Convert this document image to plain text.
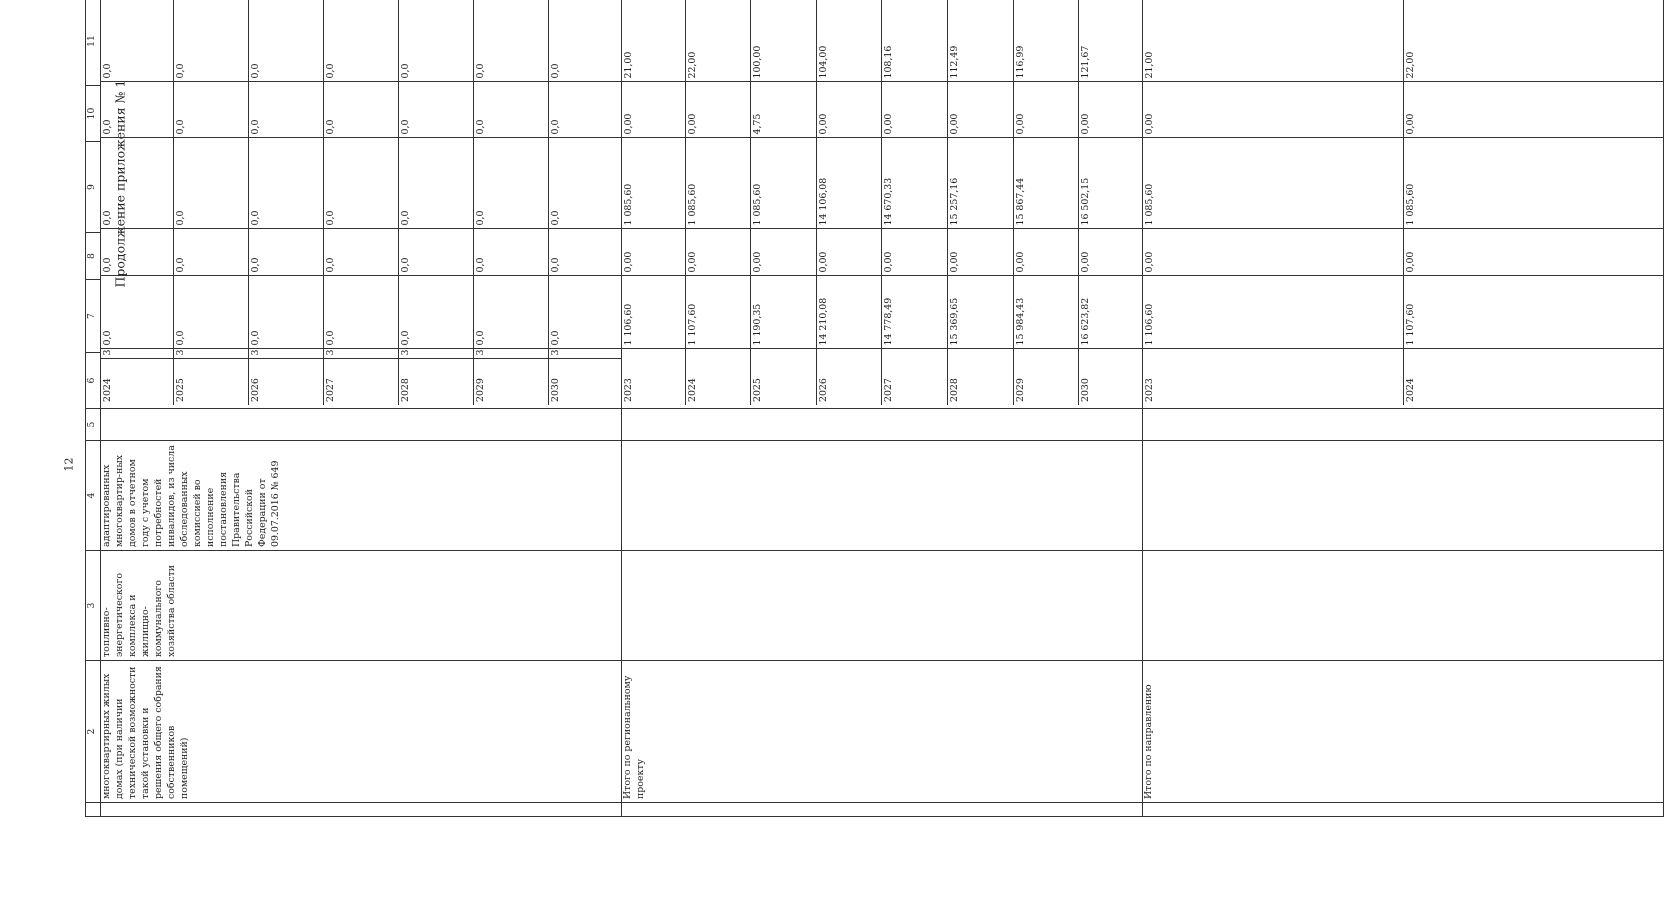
12
Продолжение приложения № 1
	2	3	4	5	6	7	8	9	10	11
	многоквартирных жилых домах (при наличии технической возможности такой установки и решения общего собрания собственников помещений)	топливно-энергетического комплекса и жилищно-коммунального хозяйства области	адаптированных многоквартир-ных домов в отчетном году с учетом потребностей инвалидов, из числа обследованных комиссией во исполнение постановления Правительства Российской Федерации от 09.07.2016 № 649		
2024	3	0,0	0,0	0,0	0,0	0,0
2025	3	0,0	0,0	0,0	0,0	0,0
2026	3	0,0	0,0	0,0	0,0	0,0
2027	3	0,0	0,0	0,0	0,0	0,0
2028	3	0,0	0,0	0,0	0,0	0,0
2029	3	0,0	0,0	0,0	0,0	0,0
2030	3	0,0	0,0	0,0	0,0	0,0

	Итого по региональному проекту				
2023	1 106,60	0,00	1 085,60	0,00	21,00
2024	1 107,60	0,00	1 085,60	0,00	22,00
2025	1 190,35	0,00	1 085,60	4,75	100,00
2026	14 210,08	0,00	14 106,08	0,00	104,00
2027	14 778,49	0,00	14 670,33	0,00	108,16
2028	15 369,65	0,00	15 257,16	0,00	112,49
2029	15 984,43	0,00	15 867,44	0,00	116,99
2030	16 623,82	0,00	16 502,15	0,00	121,67

	Итого по направлению				
2023	1 106,60	0,00	1 085,60	0,00	21,00
2024	1 107,60	0,00	1 085,60	0,00	22,00
